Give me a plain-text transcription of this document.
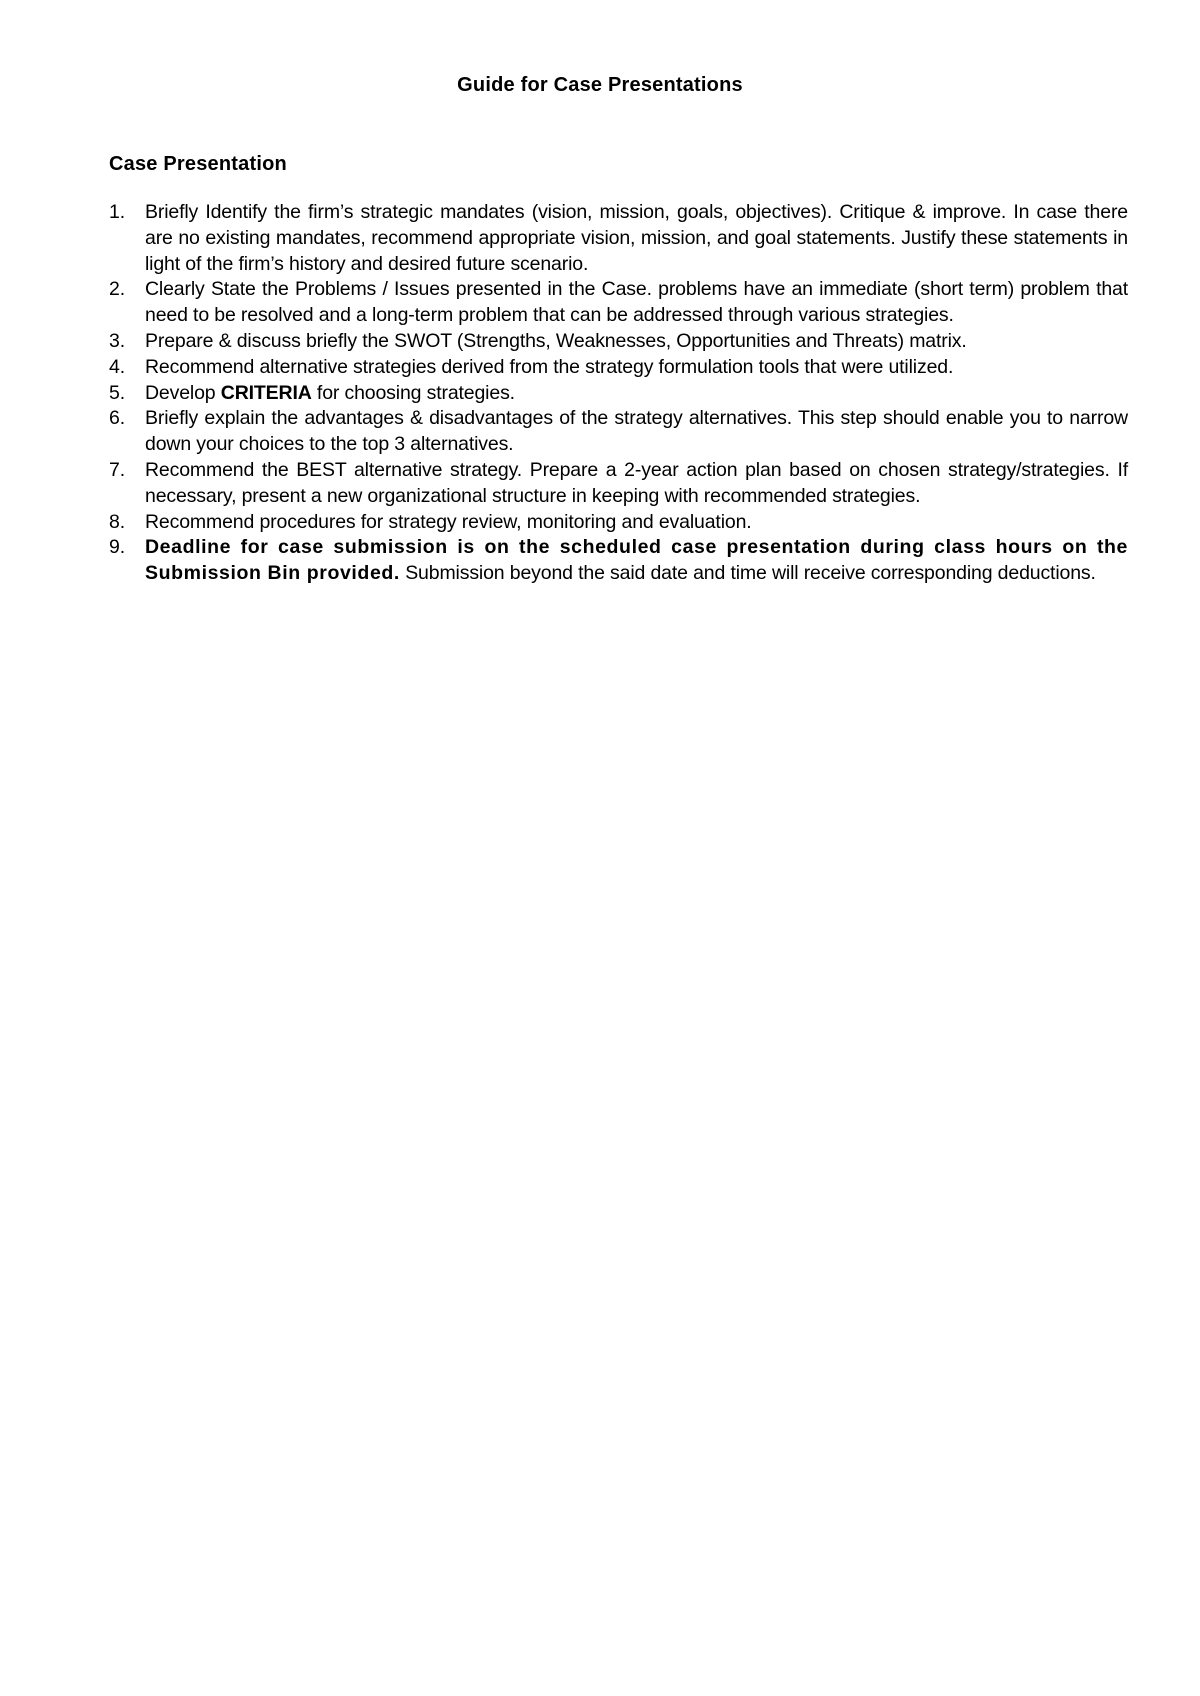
Guide for Case Presentations
Case Presentation
1.	Briefly Identify the firm’s strategic mandates (vision, mission, goals, objectives). Critique & improve. In case there are no existing mandates, recommend appropriate vision, mission, and goal statements. Justify these statements in light of the firm’s history and desired future scenario.
2.	Clearly State the Problems / Issues presented in the Case. problems have an immediate (short term) problem that need to be resolved and a long-term problem that can be addressed through various strategies.
3.	Prepare & discuss briefly the SWOT (Strengths, Weaknesses, Opportunities and Threats) matrix.
4.	Recommend alternative strategies derived from the strategy formulation tools that were utilized.
5.	Develop CRITERIA for choosing strategies.
6.	Briefly explain the advantages & disadvantages of the strategy alternatives. This step should enable you to narrow down your choices to the top 3 alternatives.
7.	Recommend the BEST alternative strategy. Prepare a 2-year action plan based on chosen strategy/strategies. If necessary, present a new organizational structure in keeping with recommended strategies.
8.	Recommend procedures for strategy review, monitoring and evaluation.
9.	Deadline for case submission is on the scheduled case presentation during class hours on the Submission Bin provided. Submission beyond the said date and time will receive corresponding deductions.
